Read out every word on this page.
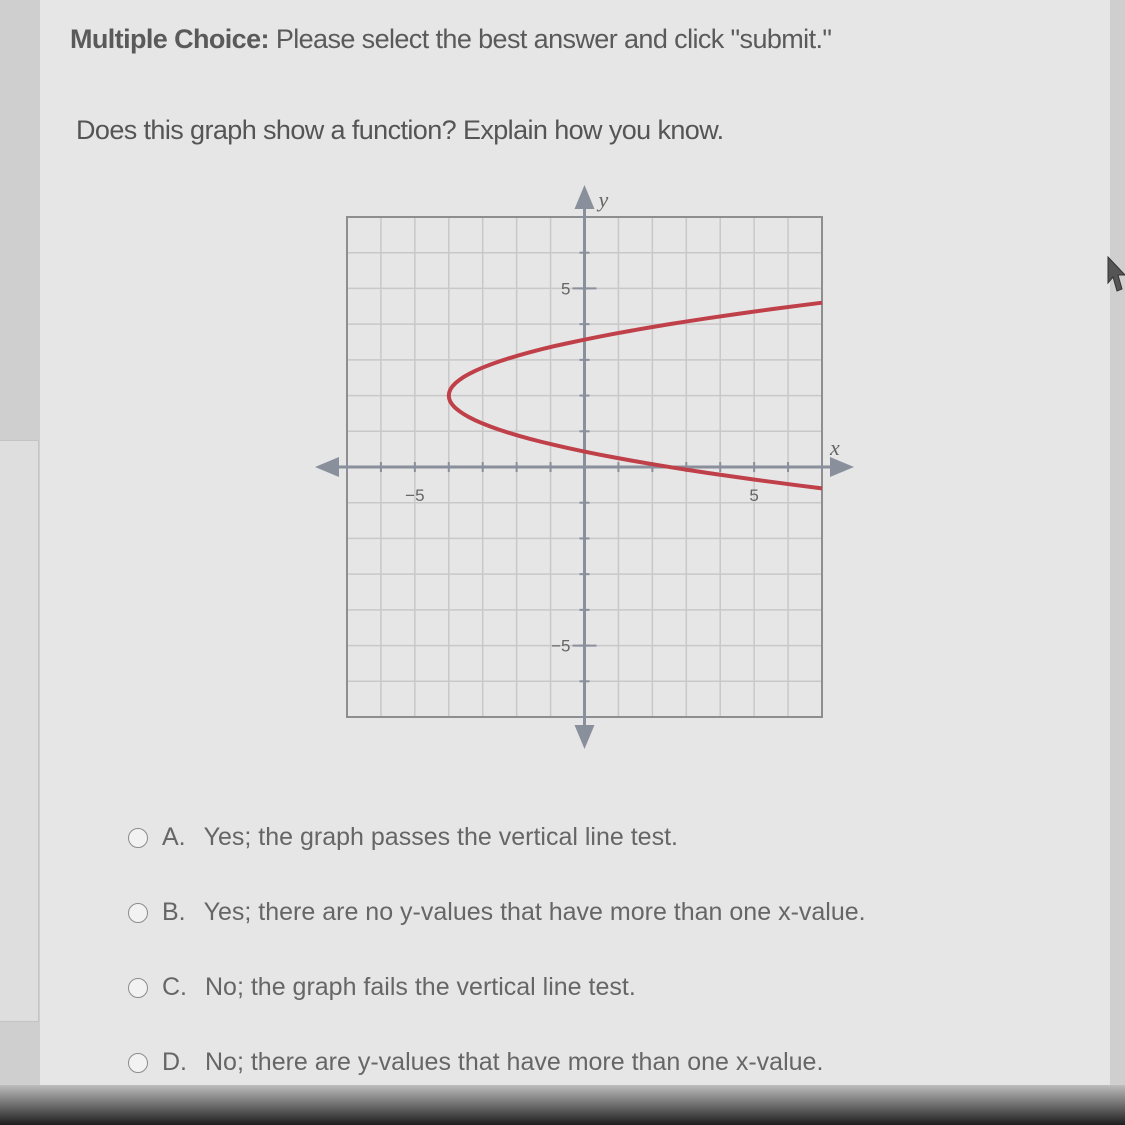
Multiple Choice: Please select the best answer and click "submit."
Does this graph show a function? Explain how you know.
y
x
−5	5
5
−5
A. Yes; the graph passes the vertical line test.
B. Yes; there are no y-values that have more than one x-value.
C. No; the graph fails the vertical line test.
D. No; there are y-values that have more than one x-value.
